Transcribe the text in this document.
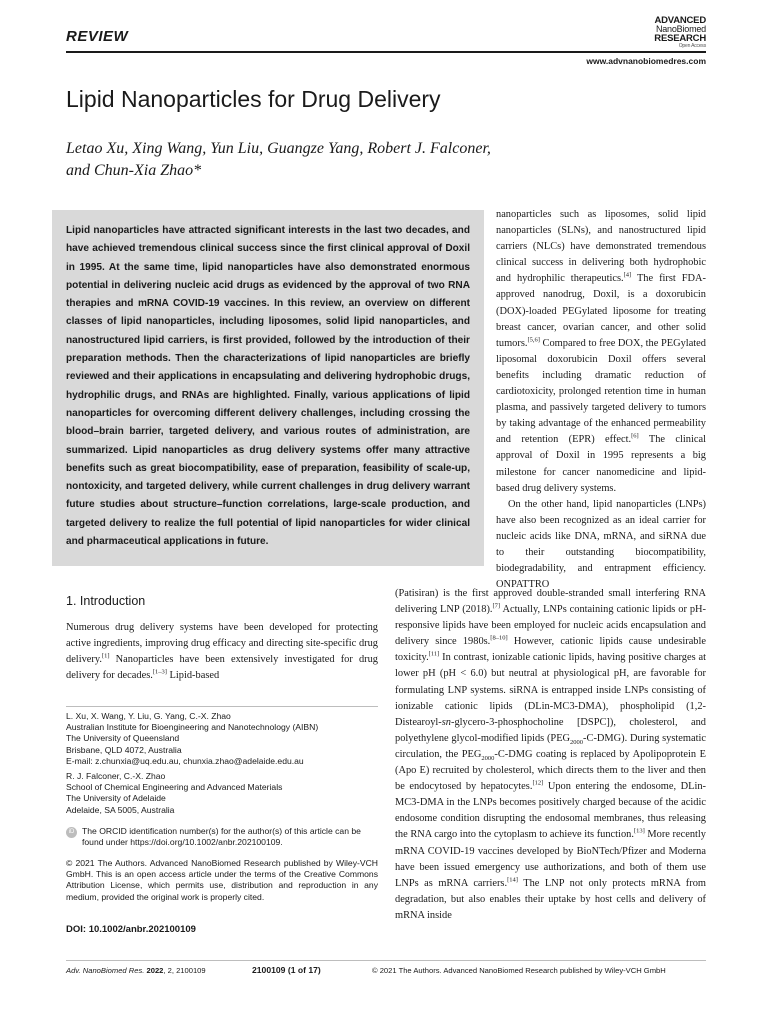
REVIEW
ADVANCED
NanoBiomed
RESEARCH
Open Access
www.advnanobiomedres.com
Lipid Nanoparticles for Drug Delivery
Letao Xu, Xing Wang, Yun Liu, Guangze Yang, Robert J. Falconer,
and Chun-Xia Zhao*

Lipid nanoparticles have attracted significant interests in the last two decades, and have achieved tremendous clinical success since the first clinical approval of Doxil in 1995. At the same time, lipid nanoparticles have also demonstrated enormous potential in delivering nucleic acid drugs as evidenced by the approval of two RNA therapies and mRNA COVID-19 vaccines. In this review, an overview on different classes of lipid nanoparticles, including liposomes, solid lipid nanoparticles, and nanostructured lipid carriers, is first provided, followed by the introduction of their preparation methods. Then the characterizations of lipid nanoparticles are briefly reviewed and their applications in encapsulating and delivering hydrophobic drugs, hydrophilic drugs, and RNAs are highlighted. Finally, various applications of lipid nanoparticles for overcoming different delivery challenges, including crossing the blood–brain barrier, targeted delivery, and various routes of administration, are summarized. Lipid nanoparticles as drug delivery systems offer many attractive benefits such as great biocompatibility, ease of preparation, feasibility of scale-up, nontoxicity, and targeted delivery, while current challenges in drug delivery warrant future studies about structure–function correlations, large-scale production, and targeted delivery to realize the full potential of lipid nanoparticles for wider clinical and pharmaceutical applications in future.

nanoparticles such as liposomes, solid lipid nanoparticles (SLNs), and nanostructured lipid carriers (NLCs) have demonstrated tremendous clinical success in delivering both hydrophobic and hydrophilic therapeutics.[4] The first FDA-approved nanodrug, Doxil, is a doxorubicin (DOX)-loaded PEGylated liposome for treating breast cancer, ovarian cancer, and other solid tumors.[5,6] Compared to free DOX, the PEGylated liposomal doxorubicin Doxil offers several benefits including dramatic reduction of cardiotoxicity, prolonged retention time in human plasma, and passively targeted delivery to tumors by taking advantage of the enhanced permeability and retention (EPR) effect.[6] The clinical approval of Doxil in 1995 represents a big milestone for cancer nanomedicine and lipid-based drug delivery systems.

On the other hand, lipid nanoparticles (LNPs) have also been recognized as an ideal carrier for nucleic acids like DNA, mRNA, and siRNA due to their outstanding biocompatibility, biodegradability, and entrapment efficiency. ONPATTRO

(Patisiran) is the first approved double-stranded small interfering RNA delivering LNP (2018).[7] Actually, LNPs containing cationic lipids or pH-responsive lipids have been employed for nucleic acids encapsulation and delivery since 1980s.[8–10] However, cationic lipids cause undesirable toxicity.[11] In contrast, ionizable cationic lipids, having positive charges at lower pH (pH < 6.0) but neutral at physiological pH, are favorable for formulating LNP systems. siRNA is entrapped inside LNPs consisting of ionizable cationic lipids (DLin-MC3-DMA), phospholipid (1,2-Distearoyl-sn-glycero-3-phosphocholine [DSPC]), cholesterol, and polyethylene glycol-modified lipids $(PEG_{2000}-C-DMG)$. During systematic circulation, the $PEG_{2000}-C$-DMG coating is replaced by Apolipoprotein E (Apo E) recruited by cholesterol, which directs them to the liver and then be endocytosed by hepatocytes.[12] Upon entering the endosome, DLin-MC3-DMA in the LNPs becomes positively charged because of the acidic endosome condition disrupting the endosomal membranes, thus releasing the RNA cargo into the cytoplasm to achieve its function.[13] More recently mRNA COVID-19 vaccines developed by BioNTech/Pfizer and Moderna have been issued emergency use authorizations, and both of them use LNPs as mRNA carriers.[14] The LNP not only protects mRNA from degradation, but also enables their uptake by host cells and delivery of mRNA inside

1. Introduction

Numerous drug delivery systems have been developed for protecting active ingredients, improving drug efficacy and directing site-specific drug delivery.[1] Nanoparticles have been extensively investigated for drug delivery for decades.[1–3] Lipid-based

L. Xu, X. Wang, Y. Liu, G. Yang, C.-X. Zhao
Australian Institute for Bioengineering and Nanotechnology (AIBN)
The University of Queensland
Brisbane, QLD 4072, Australia
E-mail: z.chunxia@uq.edu.au, chunxia.zhao@adelaide.edu.au
R. J. Falconer, C.-X. Zhao
School of Chemical Engineering and Advanced Materials
The University of Adelaide
Adelaide, SA 5005, Australia
iD The ORCID identification number(s) for the author(s) of this article can be found under https://doi.org/10.1002/anbr.202100109.
© 2021 The Authors. Advanced NanoBiomed Research published by Wiley-VCH GmbH. This is an open access article under the terms of the Creative Commons Attribution License, which permits use, distribution and reproduction in any medium, provided the original work is properly cited.
DOI: 10.1002/anbr.202100109
Adv. NanoBiomed Res. 2022, 2, 2100109	2100109 (1 of 17)	© 2021 The Authors. Advanced NanoBiomed Research published by Wiley-VCH GmbH
